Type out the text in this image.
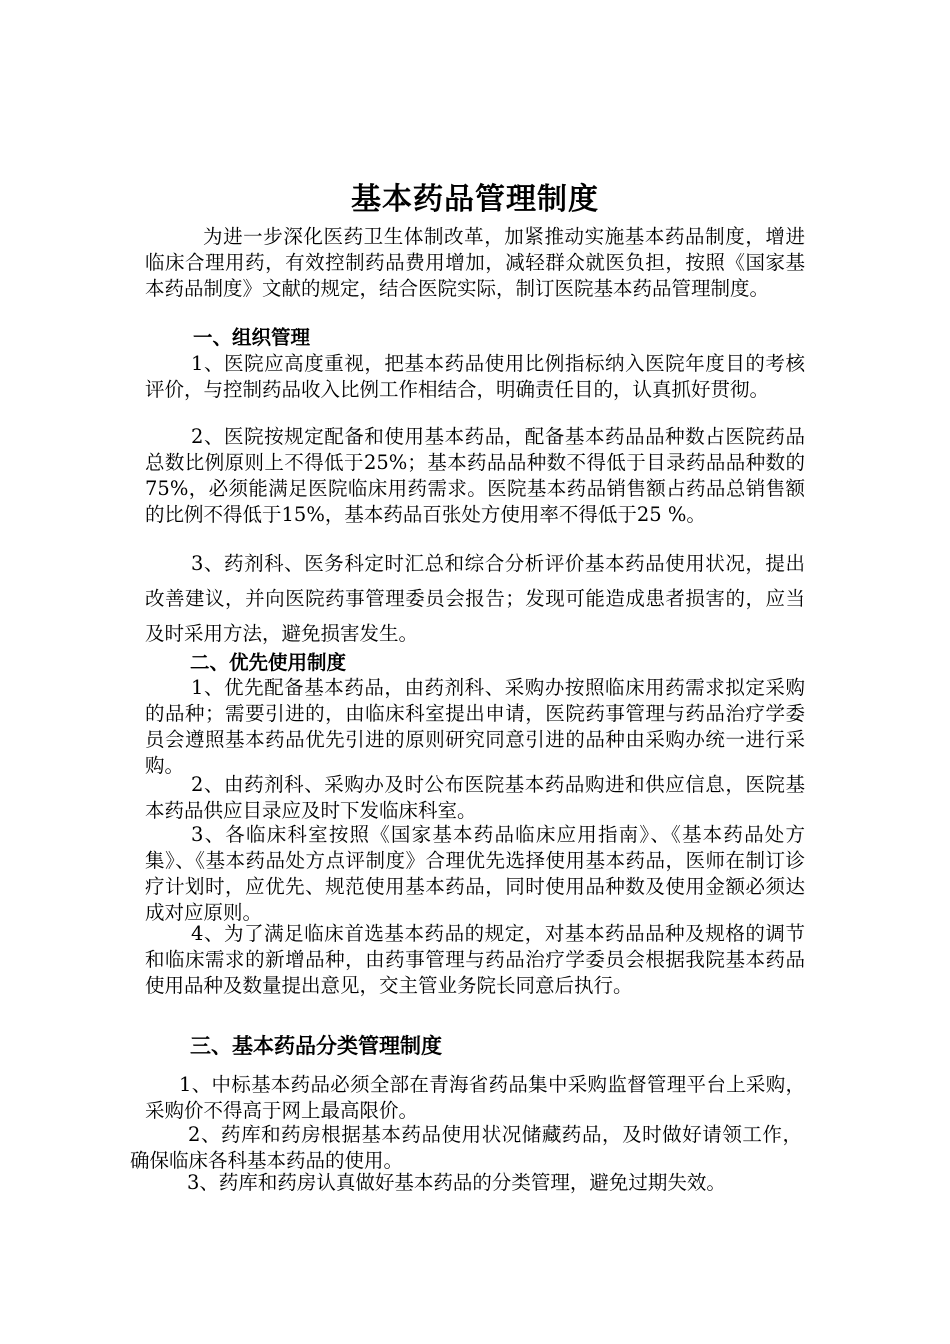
基本药品管理制度

为进一步深化医药卫生体制改革，加紧推动实施基本药品制度，增进临床合理用药，有效控制药品费用增加，减轻群众就医负担，按照《国家基本药品制度》文献的规定，结合医院实际，制订医院基本药品管理制度。

一、组织管理

1、医院应高度重视，把基本药品使用比例指标纳入医院年度目的考核评价，与控制药品收入比例工作相结合，明确责任目的，认真抓好贯彻。

2、医院按规定配备和使用基本药品，配备基本药品品种数占医院药品总数比例原则上不得低于25%；基本药品品种数不得低于目录药品品种数的75%，必须能满足医院临床用药需求。医院基本药品销售额占药品总销售额的比例不得低于15%，基本药品百张处方使用率不得低于25 %。

3、药剂科、医务科定时汇总和综合分析评价基本药品使用状况，提出改善建议，并向医院药事管理委员会报告；发现可能造成患者损害的，应当及时采用方法，避免损害发生。

二、优先使用制度

1、优先配备基本药品，由药剂科、采购办按照临床用药需求拟定采购的品种；需要引进的，由临床科室提出申请，医院药事管理与药品治疗学委员会遵照基本药品优先引进的原则研究同意引进的品种由采购办统一进行采购。

2、由药剂科、采购办及时公布医院基本药品购进和供应信息，医院基本药品供应目录应及时下发临床科室。

3、各临床科室按照《国家基本药品临床应用指南》、《基本药品处方集》、《基本药品处方点评制度》合理优先选择使用基本药品，医师在制订诊疗计划时，应优先、规范使用基本药品，同时使用品种数及使用金额必须达成对应原则。

4、为了满足临床首选基本药品的规定，对基本药品品种及规格的调节和临床需求的新增品种，由药事管理与药品治疗学委员会根据我院基本药品使用品种及数量提出意见，交主管业务院长同意后执行。

三、基本药品分类管理制度

1、中标基本药品必须全部在青海省药品集中采购监督管理平台上采购，采购价不得高于网上最高限价。

2、药库和药房根据基本药品使用状况储藏药品，及时做好请领工作，确保临床各科基本药品的使用。

3、药库和药房认真做好基本药品的分类管理，避免过期失效。
